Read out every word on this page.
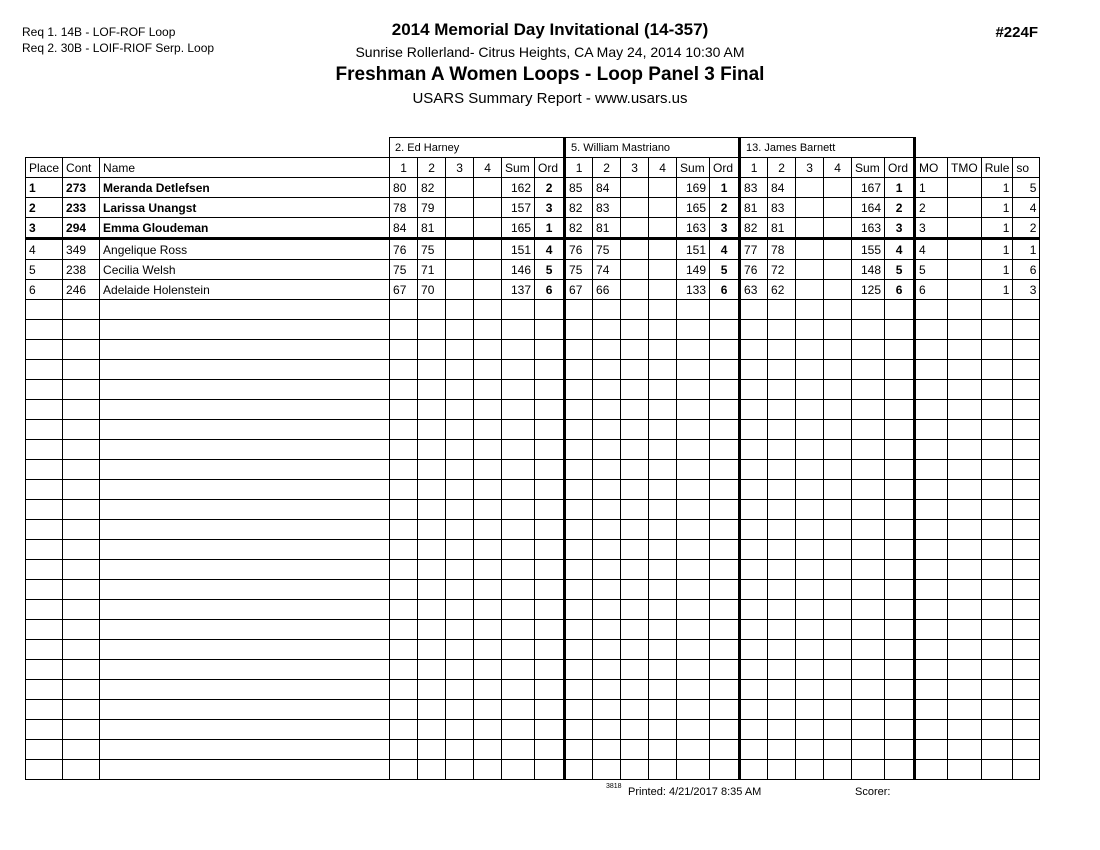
Req 1. 14B - LOF-ROF Loop
Req 2. 30B - LOIF-RIOF Serp. Loop
2014 Memorial Day Invitational (14-357)
Sunrise Rollerland- Citrus Heights, CA May 24, 2014 10:30 AM
Freshman A Women Loops - Loop Panel 3 Final
USARS Summary Report - www.usars.us
#224F
			2. Ed Harney						5. William Mastriano						13. James Barnett									
Place	Cont	Name	1	2	3	4	Sum	Ord	1	2	3	4	Sum	Ord	1	2	3	4	Sum	Ord	MO	TMO	Rule	so
1	273	Meranda Detlefsen	80	82			162	2	85	84			169	1	83	84			167	1	1		1	5
2	233	Larissa Unangst	78	79			157	3	82	83			165	2	81	83			164	2	2		1	4
3	294	Emma Gloudeman	84	81			165	1	82	81			163	3	82	81			163	3	3		1	2
4	349	Angelique Ross	76	75			151	4	76	75			151	4	77	78			155	4	4		1	1
5	238	Cecilia Welsh	75	71			146	5	75	74			149	5	76	72			148	5	5		1	6
6	246	Adelaide Holenstein	67	70			137	6	67	66			133	6	63	62			125	6	6		1	3

3818 Printed: 4/21/2017 8:35 AM	Scorer:
